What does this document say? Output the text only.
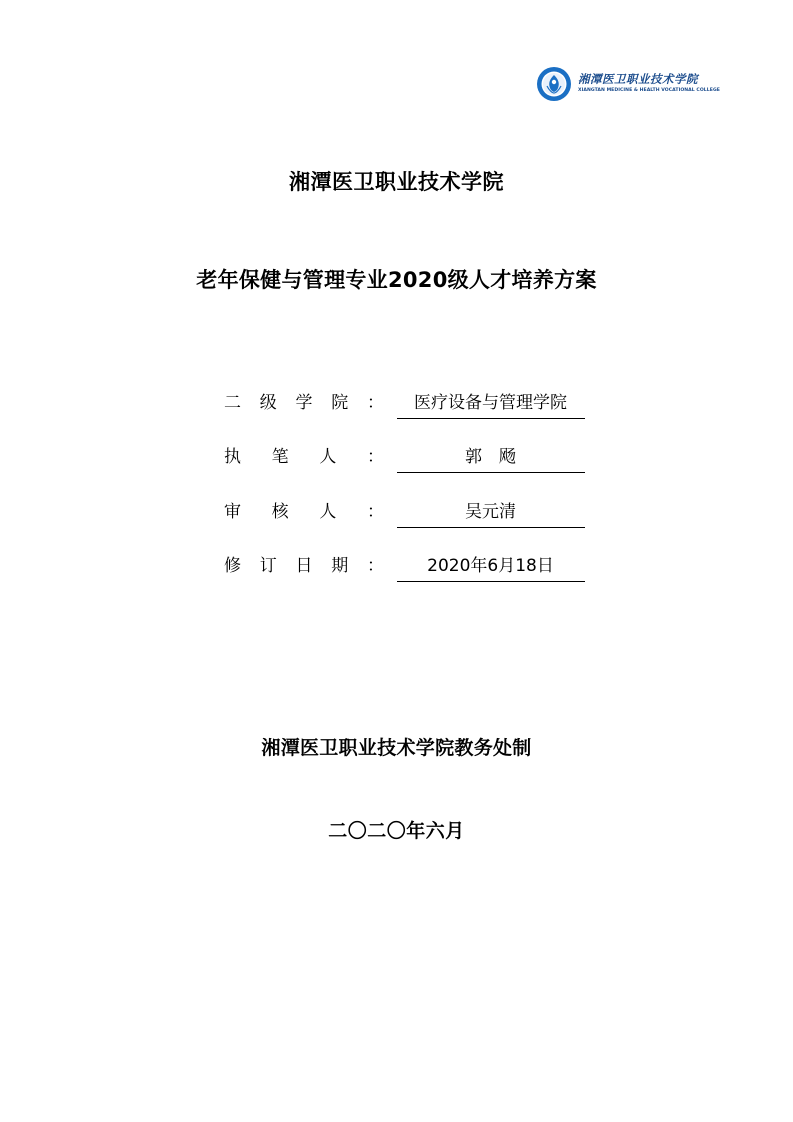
湘潭医卫职业技术学院
XIANGTAN MEDICINE & HEALTH VOCATIONAL COLLEGE
湘潭医卫职业技术学院
老年保健与管理专业2020级人才培养方案
二 级 学 院 ：	医疗设备与管理学院
执 笔 人 ：	郭　飏
审 核 人 ：	吴元清
修 订 日 期 ：	2020年6月18日
湘潭医卫职业技术学院教务处制
二〇二〇年六月
